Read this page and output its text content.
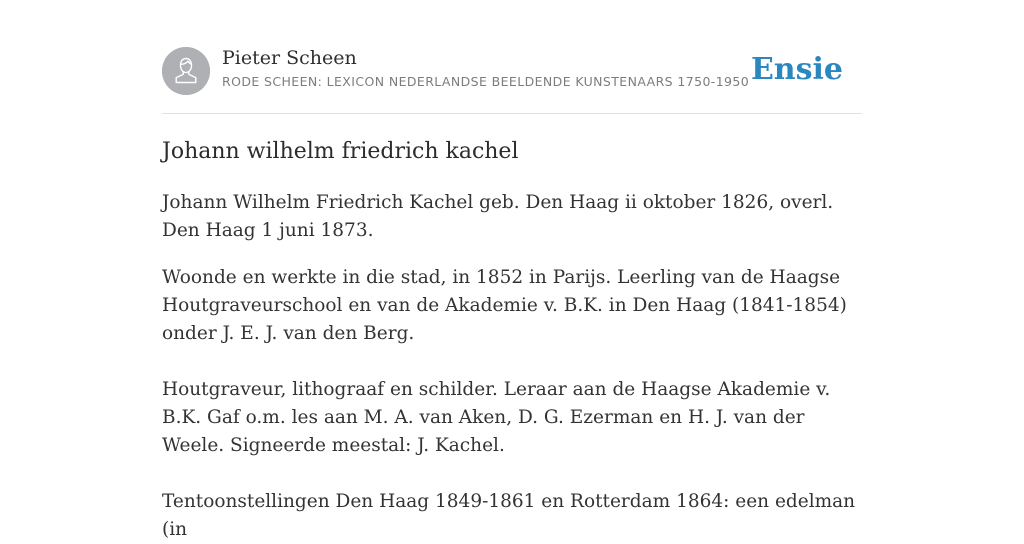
Pieter Scheen
RODE SCHEEN: LEXICON NEDERLANDSE BEELDENDE KUNSTENAARS 1750-1950 Ensie
Johann wilhelm friedrich kachel

Johann Wilhelm Friedrich Kachel geb. Den Haag ii oktober 1826, overl. Den Haag 1 juni 1873.

Woonde en werkte in die stad, in 1852 in Parijs. Leerling van de Haagse Houtgraveurschool en van de Akademie v. B.K. in Den Haag (1841-1854) onder J. E. J. van den Berg.

Houtgraveur, lithograaf en schilder. Leraar aan de Haagse Akademie v. B.K. Gaf o.m. les aan M. A. van Aken, D. G. Ezerman en H. J. van der Weele. Signeerde meestal: J. Kachel.

Tentoonstellingen Den Haag 1849-1861 en Rotterdam 1864: een edelman (in
